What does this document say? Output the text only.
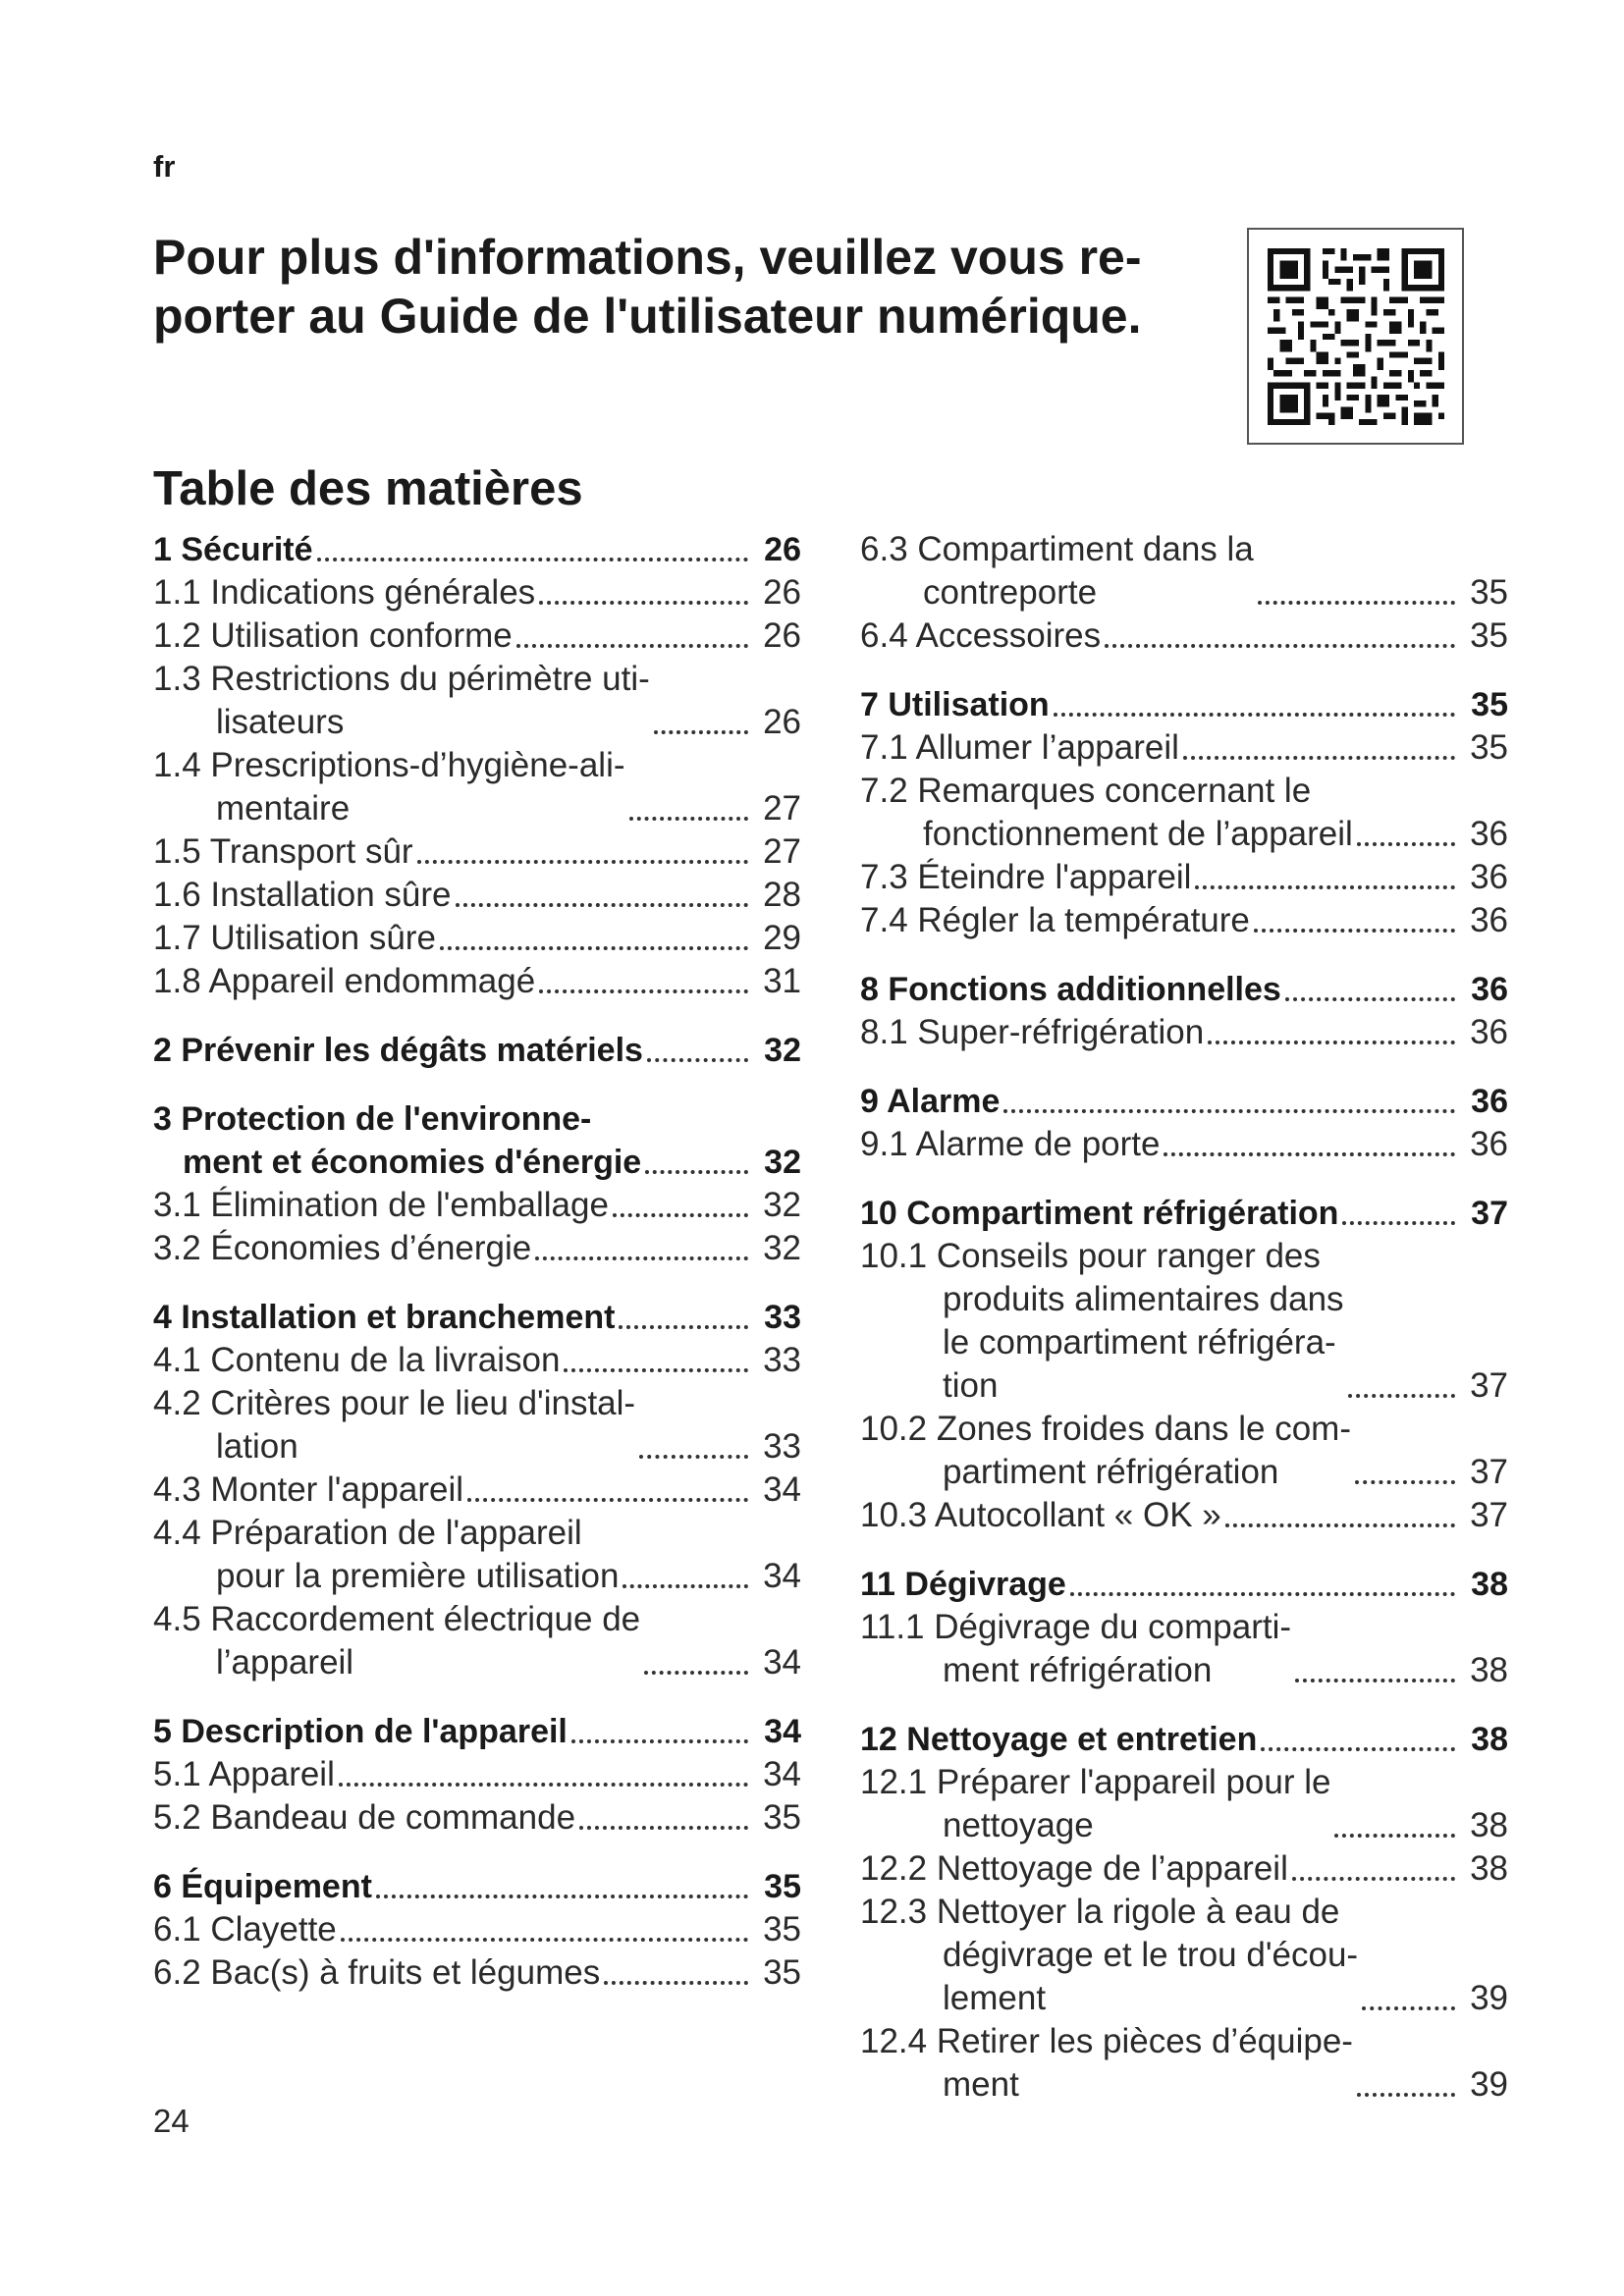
fr
Pour plus d'informations, veuillez vous re-
porter au Guide de l'utilisateur numérique.
Table des matières
1 Sécurité	26
1.1 Indications générales	26
1.2 Utilisation conforme	26
1.3 Restrictions du périmètre uti-
lisateurs	26
1.4 Prescriptions-d’hygiène-ali-
mentaire	27
1.5 Transport sûr	27
1.6 Installation sûre	28
1.7 Utilisation sûre	29
1.8 Appareil endommagé	31
2 Prévenir les dégâts matériels	32
3 Protection de l'environne-
ment et économies d'énergie	32
3.1 Élimination de l'emballage	32
3.2 Économies d’énergie	32
4 Installation et branchement	33
4.1 Contenu de la livraison	33
4.2 Critères pour le lieu d'instal-
lation	33
4.3 Monter l'appareil	34
4.4 Préparation de l'appareil
pour la première utilisation	34
4.5 Raccordement électrique de
l’appareil	34
5 Description de l'appareil	34
5.1 Appareil	34
5.2 Bandeau de commande	35
6 Équipement	35
6.1 Clayette	35
6.2 Bac(s) à fruits et légumes	35
6.3 Compartiment dans la
contreporte	35
6.4 Accessoires	35
7 Utilisation	35
7.1 Allumer l’appareil	35
7.2 Remarques concernant le
fonctionnement de l’appareil	36
7.3 Éteindre l'appareil	36
7.4 Régler la température	36
8 Fonctions additionnelles	36
8.1 Super-réfrigération	36
9 Alarme	36
9.1 Alarme de porte	36
10 Compartiment réfrigération	37
10.1 Conseils pour ranger des
produits alimentaires dans
le compartiment réfrigéra-
tion	37
10.2 Zones froides dans le com-
partiment réfrigération	37
10.3 Autocollant « OK »	37
11 Dégivrage	38
11.1 Dégivrage du comparti-
ment réfrigération	38
12 Nettoyage et entretien	38
12.1 Préparer l'appareil pour le
nettoyage	38
12.2 Nettoyage de l’appareil	38
12.3 Nettoyer la rigole à eau de
dégivrage et le trou d'écou-
lement	39
12.4 Retirer les pièces d’équipe-
ment	39
24
